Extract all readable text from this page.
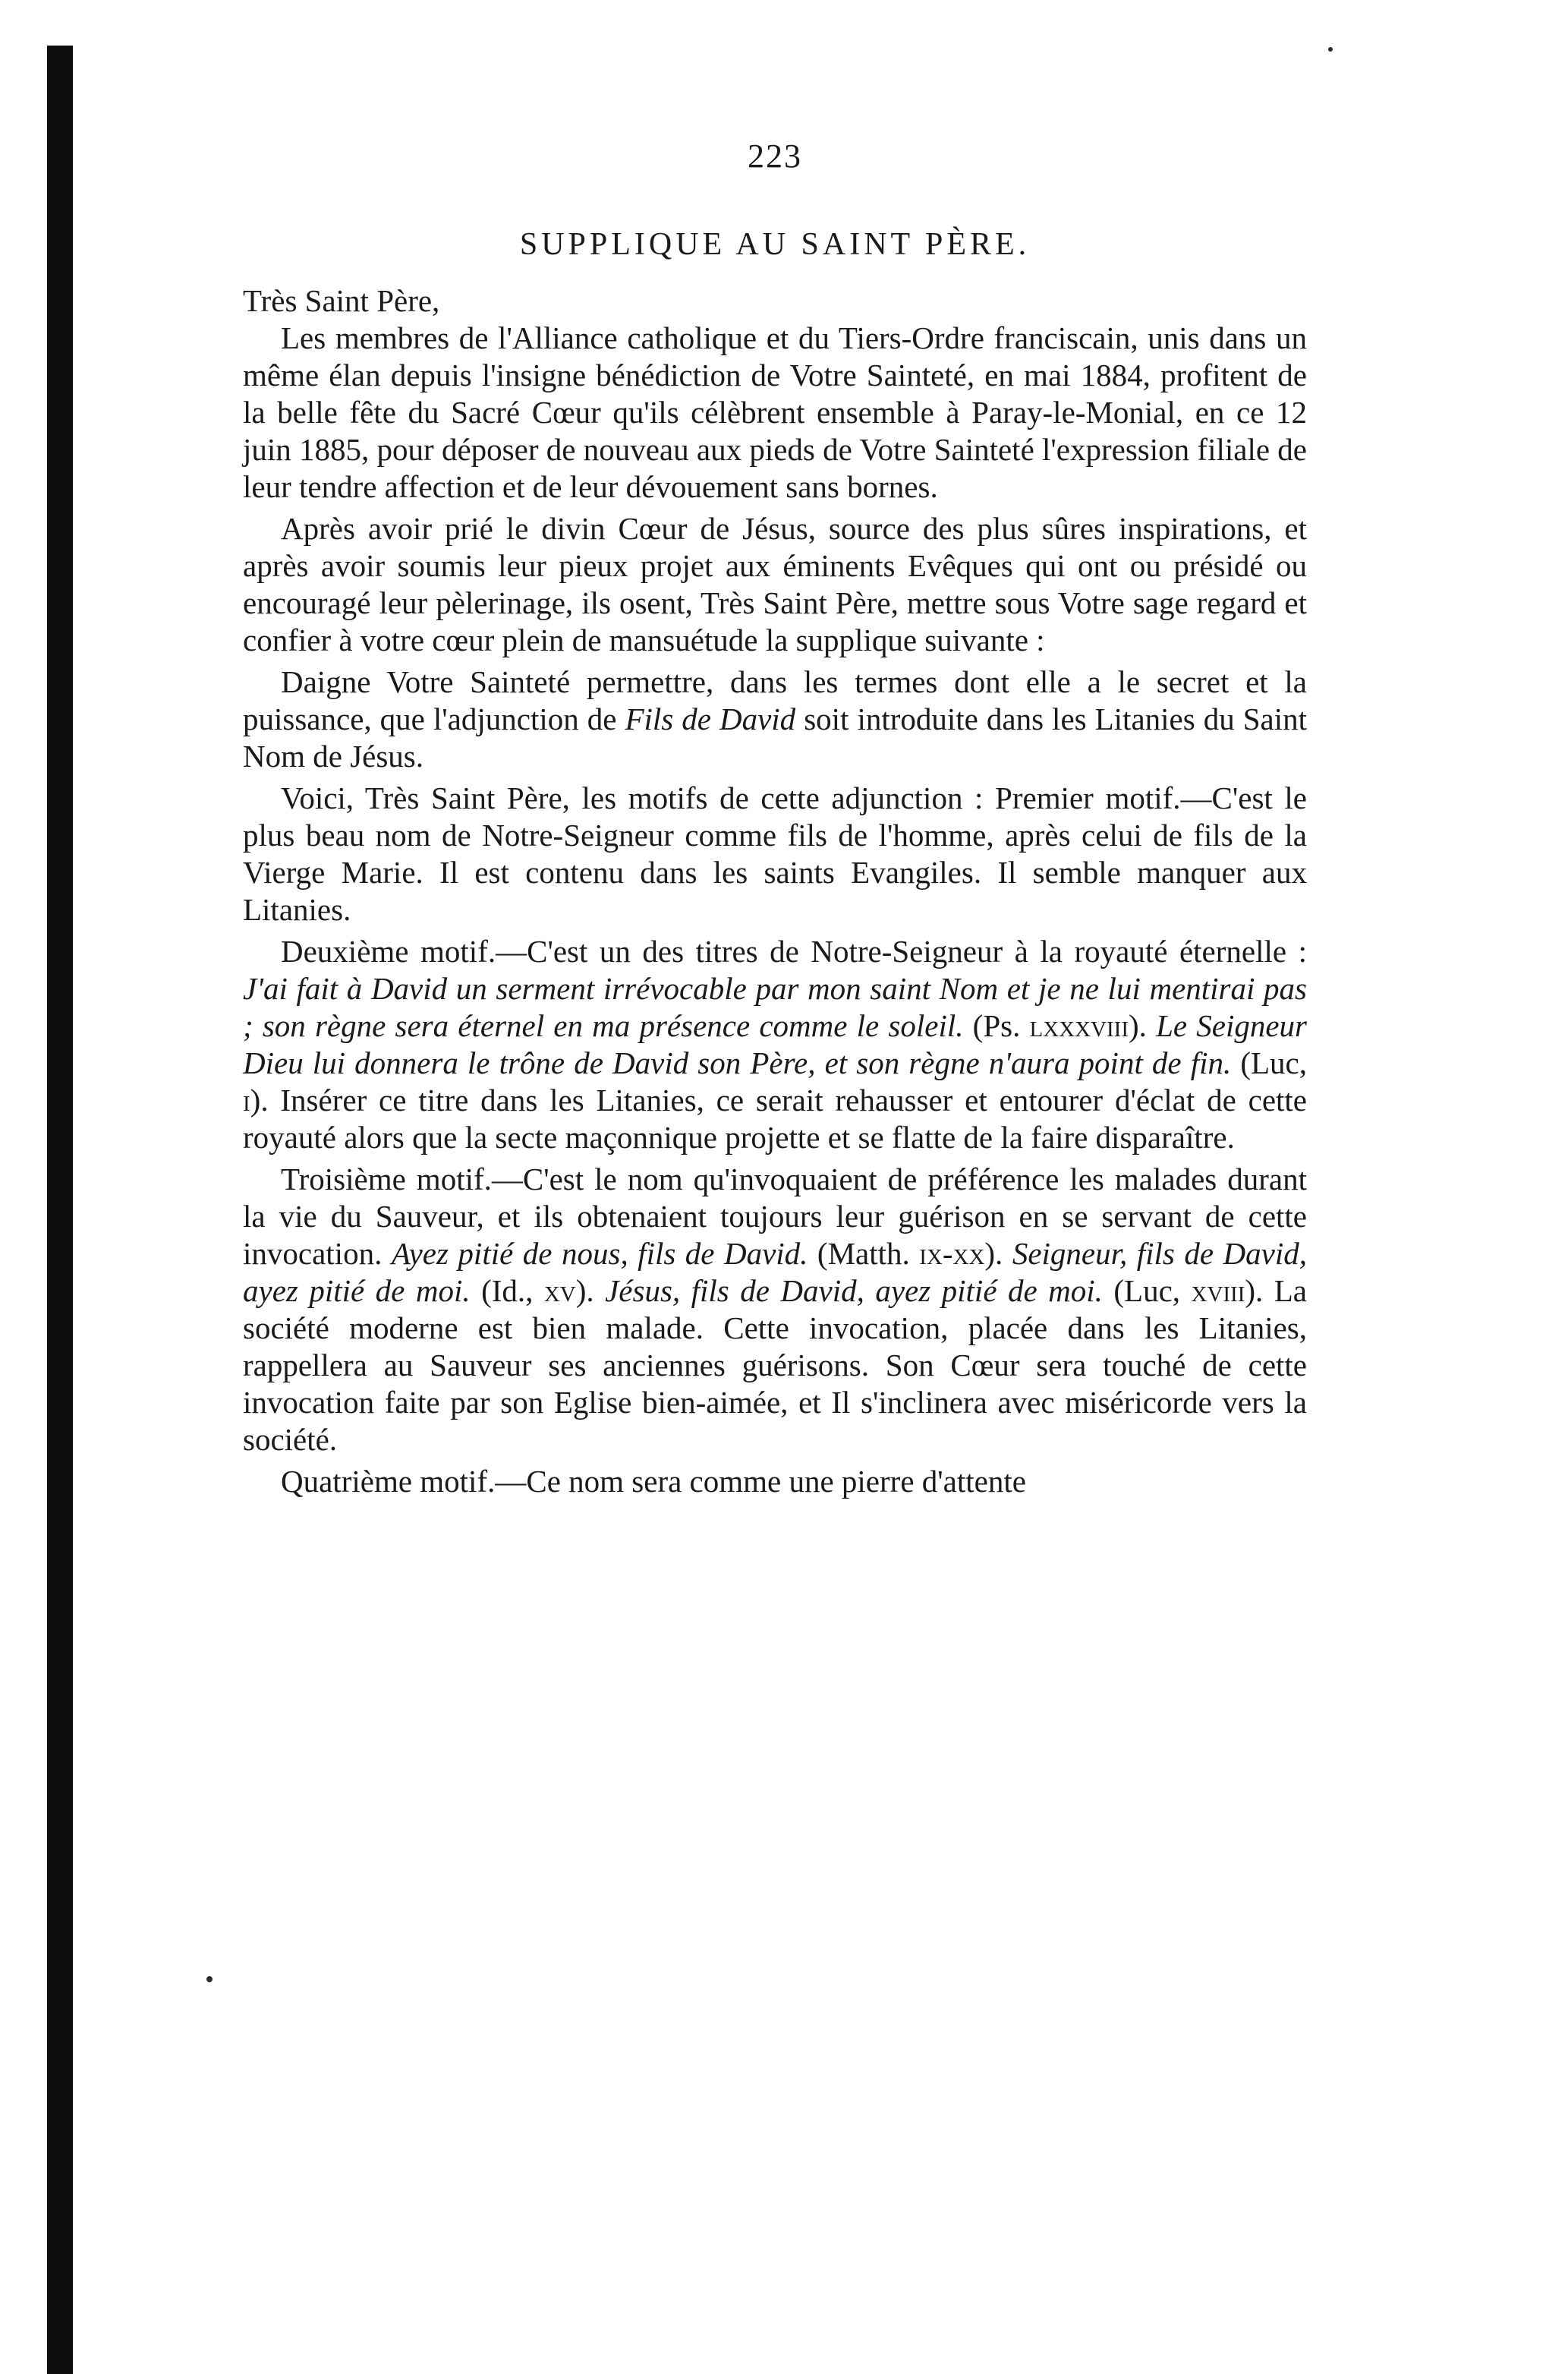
223
SUPPLIQUE AU SAINT PÈRE.

Très Saint Père,

Les membres de l'Alliance catholique et du Tiers-Ordre franciscain, unis dans un même élan depuis l'insigne bénédiction de Votre Sainteté, en mai 1884, profitent de la belle fête du Sacré Cœur qu'ils célèbrent ensemble à Paray-le-Monial, en ce 12 juin 1885, pour déposer de nouveau aux pieds de Votre Sainteté l'expression filiale de leur tendre affection et de leur dévouement sans bornes.

Après avoir prié le divin Cœur de Jésus, source des plus sûres inspirations, et après avoir soumis leur pieux projet aux éminents Evêques qui ont ou présidé ou encouragé leur pèlerinage, ils osent, Très Saint Père, mettre sous Votre sage regard et confier à votre cœur plein de mansuétude la supplique suivante :

Daigne Votre Sainteté permettre, dans les termes dont elle a le secret et la puissance, que l'adjunction de Fils de David soit introduite dans les Litanies du Saint Nom de Jésus.

Voici, Très Saint Père, les motifs de cette adjunction : Premier motif.—C'est le plus beau nom de Notre-Seigneur comme fils de l'homme, après celui de fils de la Vierge Marie. Il est contenu dans les saints Evangiles. Il semble manquer aux Litanies.

Deuxième motif.—C'est un des titres de Notre-Seigneur à la royauté éternelle : J'ai fait à David un serment irrévocable par mon saint Nom et je ne lui mentirai pas ; son règne sera éternel en ma présence comme le soleil. (Ps. lxxxviii). Le Seigneur Dieu lui donnera le trône de David son Père, et son règne n'aura point de fin. (Luc, i). Insérer ce titre dans les Litanies, ce serait rehausser et entourer d'éclat de cette royauté alors que la secte maçonnique projette et se flatte de la faire disparaître.

Troisième motif.—C'est le nom qu'invoquaient de préférence les malades durant la vie du Sauveur, et ils obtenaient toujours leur guérison en se servant de cette invocation. Ayez pitié de nous, fils de David. (Matth. ix-xx). Seigneur, fils de David, ayez pitié de moi. (Id., xv). Jésus, fils de David, ayez pitié de moi. (Luc, xviii). La société moderne est bien malade. Cette invocation, placée dans les Litanies, rappellera au Sauveur ses anciennes guérisons. Son Cœur sera touché de cette invocation faite par son Eglise bien-aimée, et Il s'inclinera avec miséricorde vers la société.

Quatrième motif.—Ce nom sera comme une pierre d'attente
